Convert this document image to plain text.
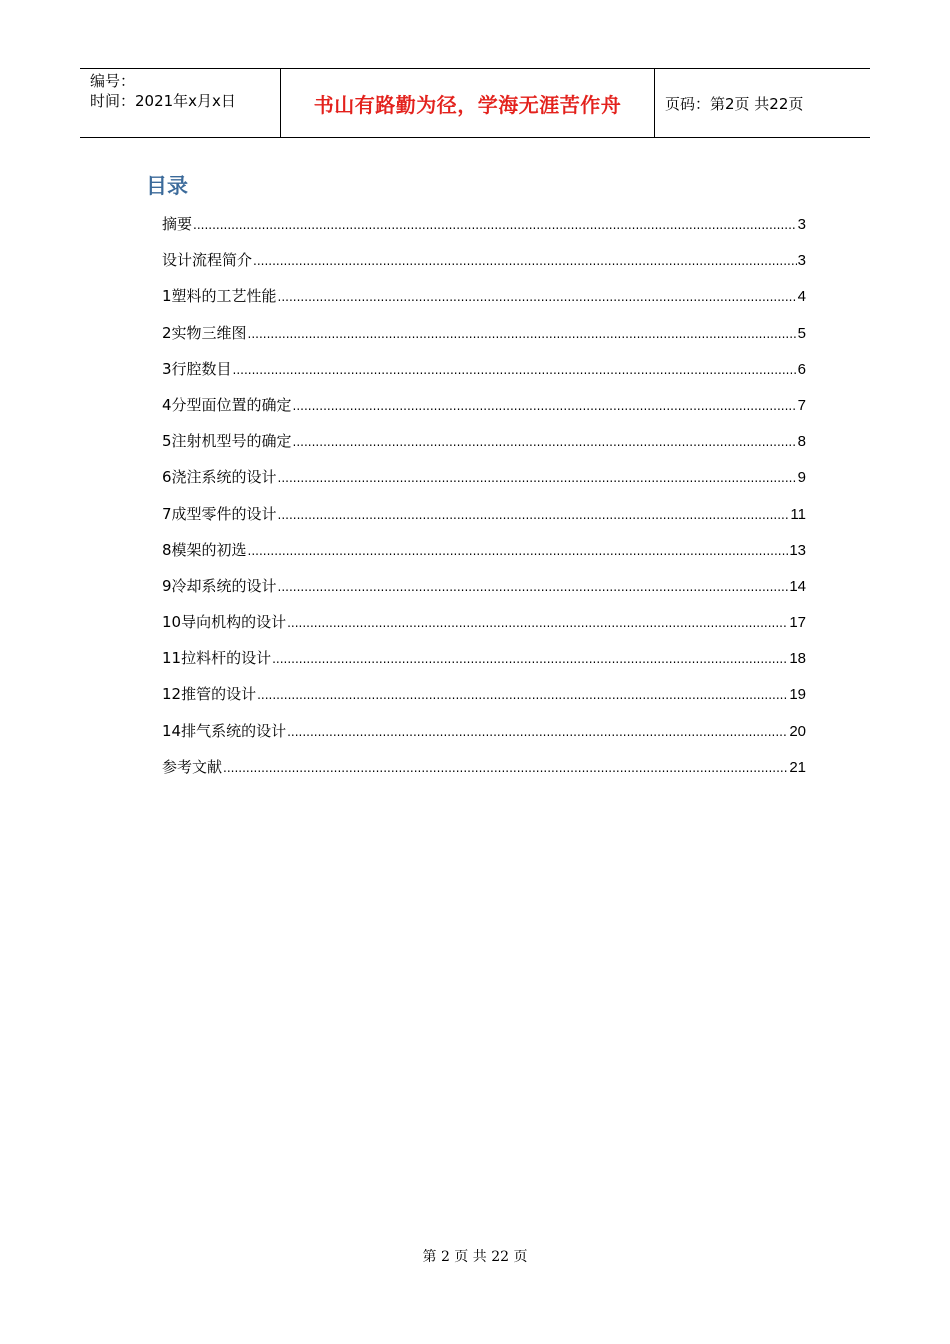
编号：
时间：2021年x月x日	书山有路勤为径，学海无涯苦作舟	页码：第2页 共22页
目录
摘要 .....	3
设计流程简介 .....	3
1塑料的工艺性能 .....	4
2实物三维图 .....	5
3行腔数目 .....	6
4分型面位置的确定 .....	7
5注射机型号的确定 .....	8
6浇注系统的设计 .....	9
7成型零件的设计 .....	11
8模架的初选 .....	13
9冷却系统的设计 .....	14
10导向机构的设计 .....	17
11拉料杆的设计 .....	18
12推管的设计 .....	19
14排气系统的设计 .....	20
参考文献 .....	21
第 2 页 共 22 页
